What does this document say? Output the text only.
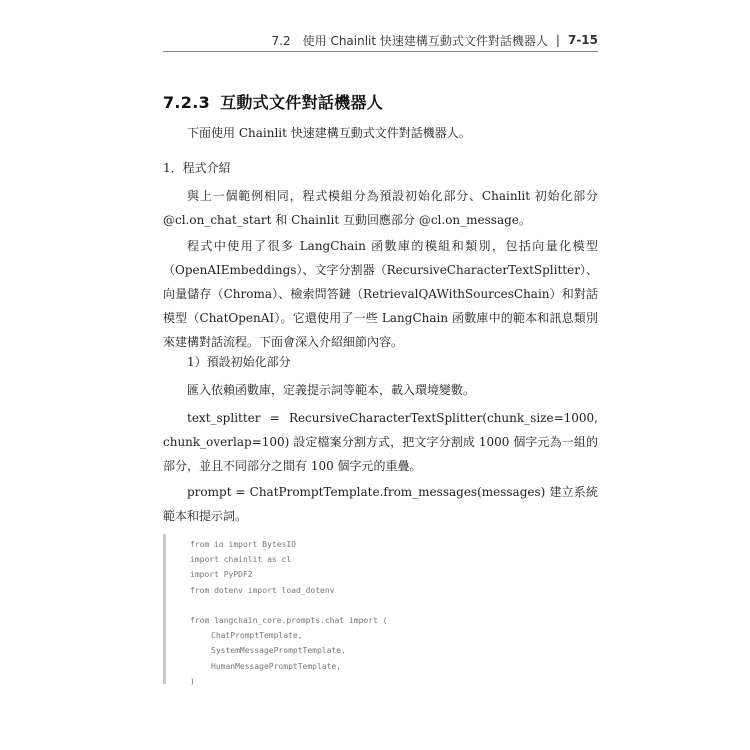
7.2　使用 Chainlit 快速建構互動式文件對話機器人 | 7-15
7.2.3 互動式文件對話機器人

下面使用 Chainlit 快速建構互動式文件對話機器人。

1．程式介紹

與上一個範例相同，程式模組分為預設初始化部分、Chainlit 初始化部分 @cl.on_chat_start 和 Chainlit 互動回應部分 @cl.on_message。

程式中使用了很多 LangChain 函數庫的模組和類別，包括向量化模型（OpenAIEmbeddings）、文字分割器（RecursiveCharacterTextSplitter）、向量儲存（Chroma）、檢索問答鏈（RetrievalQAWithSourcesChain）和對話模型（ChatOpenAI）。它還使用了一些 LangChain 函數庫中的範本和訊息類別來建構對話流程。下面會深入介紹細節內容。

1）預設初始化部分

匯入依賴函數庫，定義提示詞等範本，載入環境變數。

text_splitter = RecursiveCharacterTextSplitter(chunk_size=1000, chunk_overlap=100) 設定檔案分割方式，把文字分割成 1000 個字元為一組的部分，並且不同部分之間有 100 個字元的重疊。

prompt = ChatPromptTemplate.from_messages(messages) 建立系統範本和提示詞。

from io import BytesIO
import chainlit as cl
import PyPDF2
from dotenv import load_dotenv
from langchain_core.prompts.chat import (
ChatPromptTemplate,
SystemMessagePromptTemplate,
HumanMessagePromptTemplate,
)
